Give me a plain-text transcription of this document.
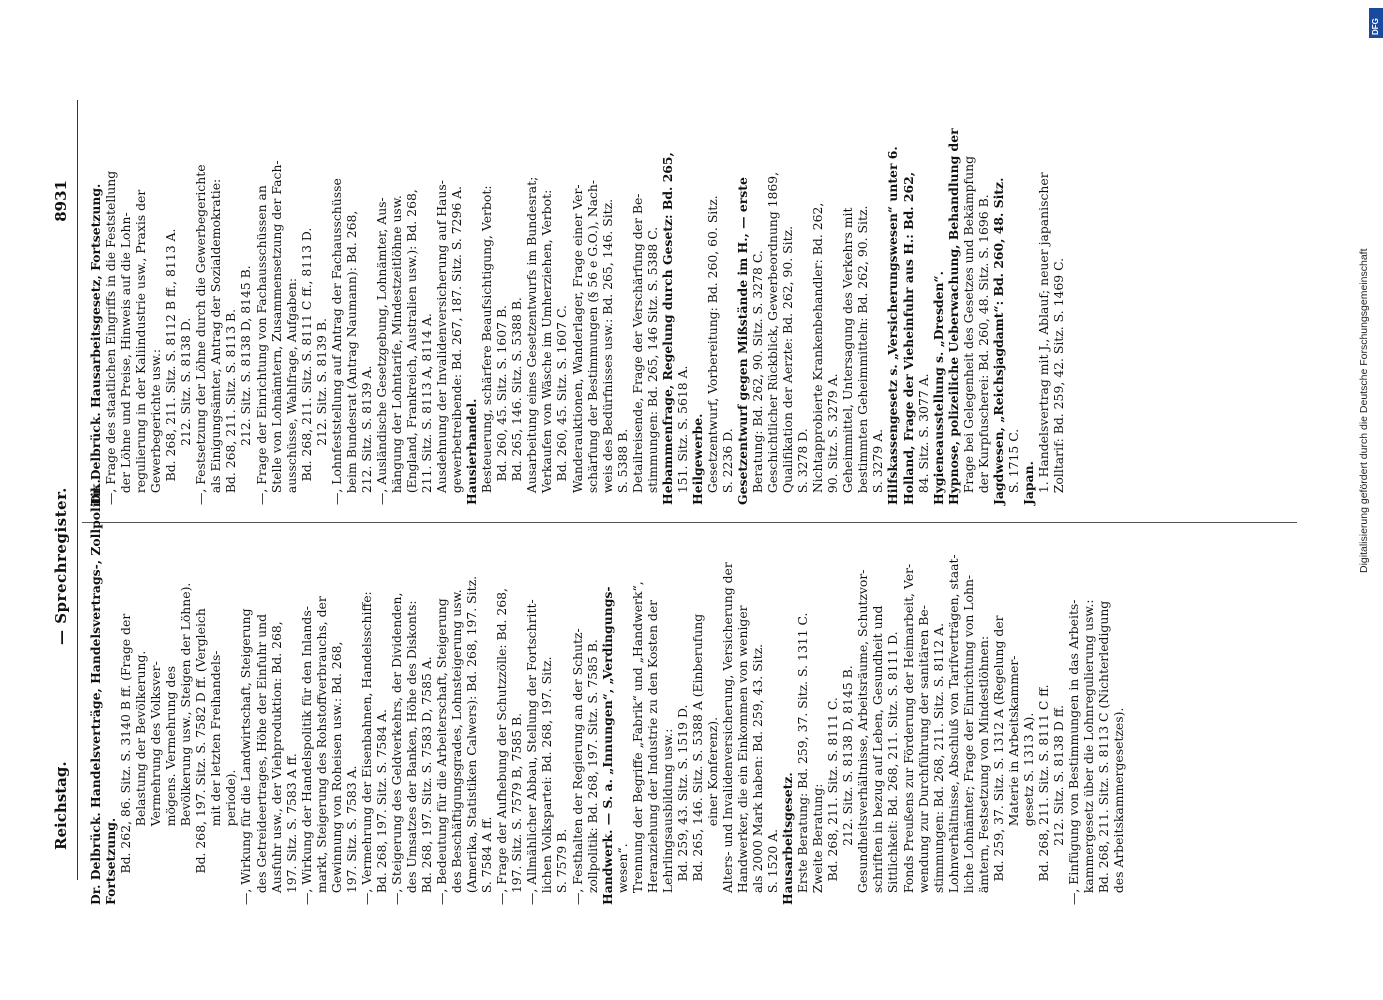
Reichstag.
— Sprechregister.
8931
Dr. Delbrück. Handelsverträge, Handelsvertrags-, Zollpolitik. Fortsetzung. Bd. 262, 86. Sitz. S. 3140 B ff. (Frage der Belastung der Bevölkerung. Vermehrung des Volksver- mögens. Vermehrung des Bevölkerung usw., Steigen der Löhne). Bd. 268, 197. Sitz. S. 7582 D ff. (Vergleich mit der letzten Freihandels- periode). —, Wirkung für die Landwirtschaft, Steigerung des Getreideertrages, Höhe der Einfuhr und Ausfuhr usw., der Viehproduktion: Bd. 268, 197. Sitz. S. 7583 A ff. —, Wirkung der Handelspolitik für den Inlands- markt, Steigerung des Rohstoffverbrauchs, der Gewinnung von Roheisen usw.: Bd. 268, 197. Sitz. S. 7583 A. —, Vermehrung der Eisenbahnen, Handelsschiffe: Bd. 268, 197. Sitz. S. 7584 A. —, Steigerung des Geldverkehrs, der Dividenden, des Umsatzes der Banken, Höhe des Diskonts: Bd. 268, 197. Sitz. S. 7583 D, 7585 A. —, Bedeutung für die Arbeiterschaft, Steigerung des Beschäftigungsgrades, Lohnsteigerung usw. (Amerika, Statistiken Calwers): Bd. 268, 197. Sitz. S. 7584 A ff. —, Frage der Aufhebung der Schutzzölle: Bd. 268, 197. Sitz. S. 7579 B, 7585 B. —, Allmählicher Abbau, Stellung der Fortschritt- lichen Volkspartei: Bd. 268, 197. Sitz. S. 7579 B. —, Festhalten der Regierung an der Schutz- zollpolitik: Bd. 268, 197. Sitz. S. 7585 B. Handwerk. — S. a. „Innungen“, „Verdingungs- wesen“. Trennung der Begriffe „Fabrik“ und „Handwerk“, Heranziehung der Industrie zu den Kosten der Lehrlingsausbildung usw.: Bd. 259, 43. Sitz. S. 1519 D. Bd. 265, 146. Sitz. S. 5388 A (Einberufung einer Konferenz). Alters- und Invalidenversicherung, Versicherung der Handwerker, die ein Einkommen von weniger als 2000 Mark haben: Bd. 259, 43. Sitz. S. 1520 A. Hausarbeitsgesetz. Erste Beratung: Bd. 259, 37. Sitz. S. 1311 C. Zweite Beratung: Bd. 268, 211. Sitz. S. 8111 C. 212. Sitz. S. 8138 D, 8145 B. Gesundheitsverhältnisse, Arbeitsräume, Schutzvor- schriften in bezug auf Leben, Gesundheit und Sittlichkeit: Bd. 268, 211. Sitz. S. 8111 D. Fonds Preußens zur Förderung der Heimarbeit, Ver- wendung zur Durchführung der sanitären Be- stimmungen: Bd. 268, 211. Sitz. S. 8112 A. Lohnverhältnisse, Abschluß von Tarifverträgen, staat- liche Lohnämter; Frage der Einrichtung von Lohn- ämtern, Festsetzung von Mindestlöhnen: Bd. 259, 37. Sitz. S. 1312 A (Regelung der Materie in Arbeitskammer- gesetz S. 1313 A). Bd. 268, 211. Sitz. S. 8111 C ff. 212. Sitz. S. 8138 D ff. —, Einfügung von Bestimmungen in das Arbeits- kammergesetz über die Lohnregulierung usw.: Bd. 268, 211. Sitz. S. 8113 C (Nichterledigung des Arbeitskammergesetzes).
Dr. Delbrück. Hausarbeitsgesetz, Fortsetzung. —, Frage des staatlichen Eingriffs in die Feststellung der Löhne und Preise, Hinweis auf die Lohn- regulierung in der Kaliindustrie usw., Praxis der Gewerbegerichte usw.: Bd. 268, 211. Sitz. S. 8112 B ff., 8113 A. 212. Sitz. S. 8138 D. —, Festsetzung der Löhne durch die Gewerbegerichte als Einigungsämter, Antrag der Sozialdemokratie: Bd. 268, 211. Sitz. S. 8113 B. 212. Sitz. S. 8138 D, 8145 B. —, Frage der Einrichtung von Fachausschüssen an Stelle von Lohnämtern, Zusammensetzung der Fach- ausschüsse, Wahlfrage, Aufgaben: Bd. 268, 211. Sitz. S. 8111 C ff., 8113 D. 212. Sitz. S. 8139 B. —, Lohnfeststellung auf Antrag der Fachausschüsse beim Bundesrat (Antrag Naumann): Bd. 268, 212. Sitz. S. 8139 A. —, Ausländische Gesetzgebung, Lohnämter, Aus- hängung der Lohntarife, Mindestzeitlöhne usw. (England, Frankreich, Australien usw.): Bd. 268, 211. Sitz. S. 8113 A, 8114 A. Ausdehnung der Invalidenversicherung auf Haus- gewerbetreibende: Bd. 267, 187. Sitz. S. 7296 A. Hausierhandel. Besteuerung, schärfere Beaufsichtigung, Verbot: Bd. 260, 45. Sitz. S. 1607 B. Bd. 265, 146. Sitz. S. 5388 B. Ausarbeitung eines Gesetzentwurfs im Bundesrat; Verkaufen von Wäsche im Umherziehen, Verbot: Bd. 260, 45. Sitz. S. 1607 C. Wanderauktionen, Wanderlager, Frage einer Ver- schärfung der Bestimmungen (§ 56 e G.O.), Nach- weis des Bedürfnisses usw.: Bd. 265, 146. Sitz. S. 5388 B. Detailreisende, Frage der Verschärfung der Be- stimmungen: Bd. 265, 146 Sitz. S. 5388 C. Hebammenfrage, Regelung durch Gesetz: Bd. 265, 151. Sitz. S. 5618 A. Heilgewerbe. Gesetzentwurf, Vorbereitung: Bd. 260, 60. Sitz. S. 2236 D. Gesetzentwurf gegen Mißstände im H., — erste Beratung: Bd. 262, 90. Sitz. S. 3278 C. Geschichtlicher Rückblick, Gewerbeordnung 1869, Qualifikation der Aerzte: Bd. 262, 90. Sitz. S. 3278 D. Nichtapprobierte Krankenbehandler: Bd. 262, 90. Sitz. S. 3279 A. Geheimmittel, Untersagung des Verkehrs mit bestimmten Geheimmitteln: Bd. 262, 90. Sitz. S. 3279 A. Hilfskassengesetz s. „Versicherungswesen“ unter 6. Holland, Frage der Vieheinfuhr aus H.: Bd. 262, 84. Sitz. S. 3077 A. Hygieneausstellung s. „Dresden“. Hypnose, polizeiliche Ueberwachung, Behandlung der Frage bei Gelegenheit des Gesetzes und Bekämpfung der Kurpfuscherei: Bd. 260, 48. Sitz. S. 1696 B. Jagdwesen, „Reichsjagdamt“: Bd. 260, 48. Sitz. S. 1715 C. Japan. 1. Handelsvertrag mit J., Ablauf; neuer japanischer Zolltarif: Bd. 259, 42. Sitz. S. 1469 C.	Digitalisierung gefördert durch die Deutsche Forschungsgemeinschaft
DFG
